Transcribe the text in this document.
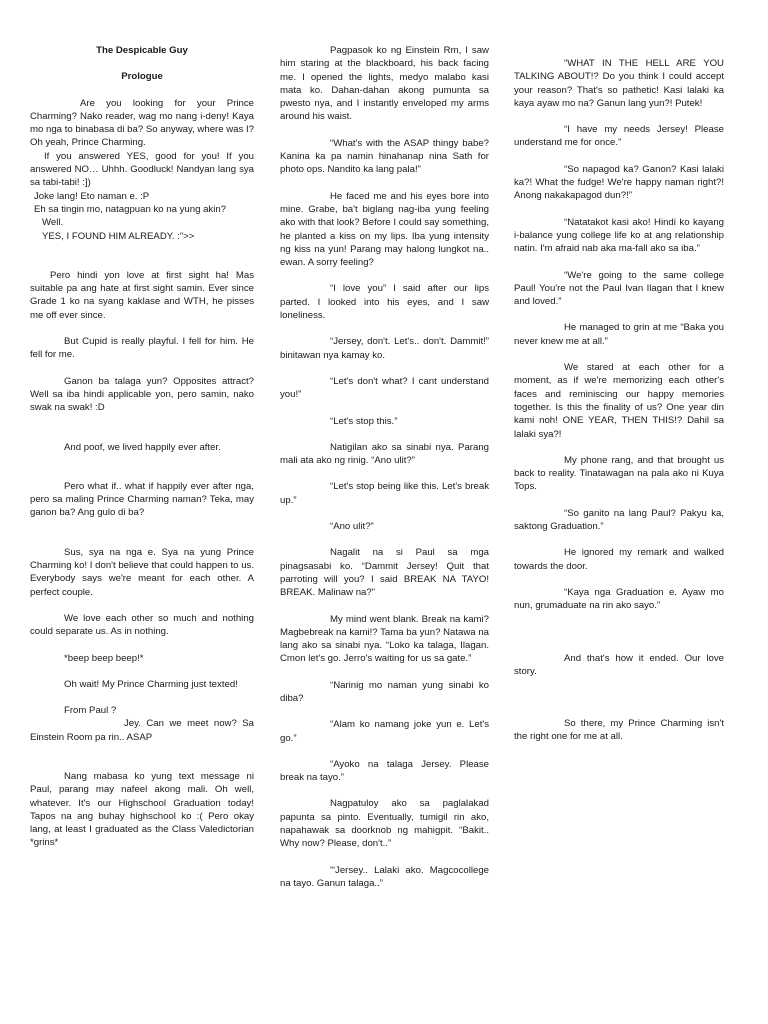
The Despicable Guy

Prologue

Are you looking for your Prince Charming? Nako reader, wag mo nang i-deny! Kaya mo nga to binabasa di ba? So anyway, where was I? Oh yeah, Prince Charming.

If you answered YES, good for you! If you answered NO… Uhhh. Goodluck! Nandyan lang sya sa tabi-tabi! :])

Joke lang! Eto naman e. :P

Eh sa tingin mo, natagpuan ko na yung akin?

Well.

YES, I FOUND HIM ALREADY. :”>>

Pero hindi yon love at first sight ha! Mas suitable pa ang hate at first sight samin. Ever since Grade 1 ko na syang kaklase and WTH, he pisses me off ever since.

But Cupid is really playful. I fell for him. He fell for me.

Ganon ba talaga yun? Opposites attract? Well sa iba hindi applicable yon, pero samin, nako swak na swak! :D

And poof, we lived happily ever after.

Pero what if.. what if happily ever after nga, pero sa maling Prince Charming naman? Teka, may ganon ba? Ang gulo di ba?

Sus, sya na nga e. Sya na yung Prince Charming ko! I don't believe that could happen to us. Everybody says we're meant for each other. A perfect couple.

We love each other so much and nothing could separate us. As in nothing.

*beep beep beep!*

Oh wait! My Prince Charming just texted!

From Paul ?

Jey. Can we meet now? Sa Einstein Room pa rin.. ASAP

Nang mabasa ko yung text message ni Paul, parang may nafeel akong mali. Oh well, whatever. It's our Highschool Graduation today! Tapos na ang buhay highschool ko :( Pero okay lang, at least I graduated as the Class Valedictorian *grins*

Pagpasok ko ng Einstein Rm, I saw him staring at the blackboard, his back facing me. I opened the lights, medyo malabo kasi mata ko. Dahan-dahan akong pumunta sa pwesto nya, and I instantly enveloped my arms around his waist.

“What's with the ASAP thingy babe? Kanina ka pa namin hinahanap nina Sath for photo ops. Nandito ka lang pala!”

He faced me and his eyes bore into mine. Grabe, ba't biglang nag-iba yung feeling ako with that look? Before I could say something, he planted a kiss on my lips. Iba yung intensity ng kiss na yun! Parang may halong lungkot na.. ewan. A sorry feeling?

“I love you” I said after our lips parted. I looked into his eyes, and I saw loneliness.

“Jersey, don't. Let's.. don't. Dammit!” binitawan nya kamay ko.

“Let's don't what? I cant understand you!”

“Let's stop this.”

Natigilan ako sa sinabi nya. Parang mali ata ako ng rinig. “Ano ulit?”

“Let's stop being like this. Let's break up.”

“Ano ulit?”

Nagalit na si Paul sa mga pinagsasabi ko. “Dammit Jersey! Quit that parroting will you? I said BREAK NA TAYO! BREAK. Malinaw na?”

My mind went blank. Break na kami? Magbebreak na kami!? Tama ba yun? Natawa na lang ako sa sinabi nya. “Loko ka talaga, Ilagan. Cmon let's go. Jerro's waiting for us sa gate.”

“Narinig mo naman yung sinabi ko diba?

“Alam ko namang joke yun e. Let's go.”

“Ayoko na talaga Jersey. Please break na tayo.”

Nagpatuloy ako sa paglalakad papunta sa pinto. Eventually, tumigil rin ako, napahawak sa doorknob ng mahigpit. “Bakit.. Why now? Please, don't..”

'“Jersey.. Lalaki ako. Magcocollege na tayo. Ganun talaga..”

“WHAT IN THE HELL ARE YOU TALKING ABOUT!? Do you think I could accept your reason? That's so pathetic! Kasi lalaki ka kaya ayaw mo na? Ganun lang yun?! Putek!

“I have my needs Jersey! Please understand me for once.”

“So napagod ka? Ganon? Kasi lalaki ka?! What the fudge! We're happy naman right?! Anong nakakapagod dun?!”

“Natatakot kasi ako! Hindi ko kayang i-balance yung college life ko at ang relationship natin. I'm afraid nab aka ma-fall ako sa iba.”

“We're going to the same college Paul! You're not the Paul Ivan Ilagan that I knew and loved.”

He managed to grin at me “Baka you never knew me at all.”

We stared at each other for a moment, as if we're memorizing each other's faces and reminiscing our happy memories together. Is this the finality of us? One year din kami noh! ONE YEAR, THEN THIS!? Dahil sa lalaki sya?!

My phone rang, and that brought us back to reality. Tinatawagan na pala ako ni Kuya Tops.

“So ganito na lang Paul? Pakyu ka, saktong Graduation.”

He ignored my remark and walked towards the door.

“Kaya nga Graduation e. Ayaw mo nun, grumaduate na rin ako sayo.”

And that's how it ended. Our love story.

So there, my Prince Charming isn't the right one for me at all.
